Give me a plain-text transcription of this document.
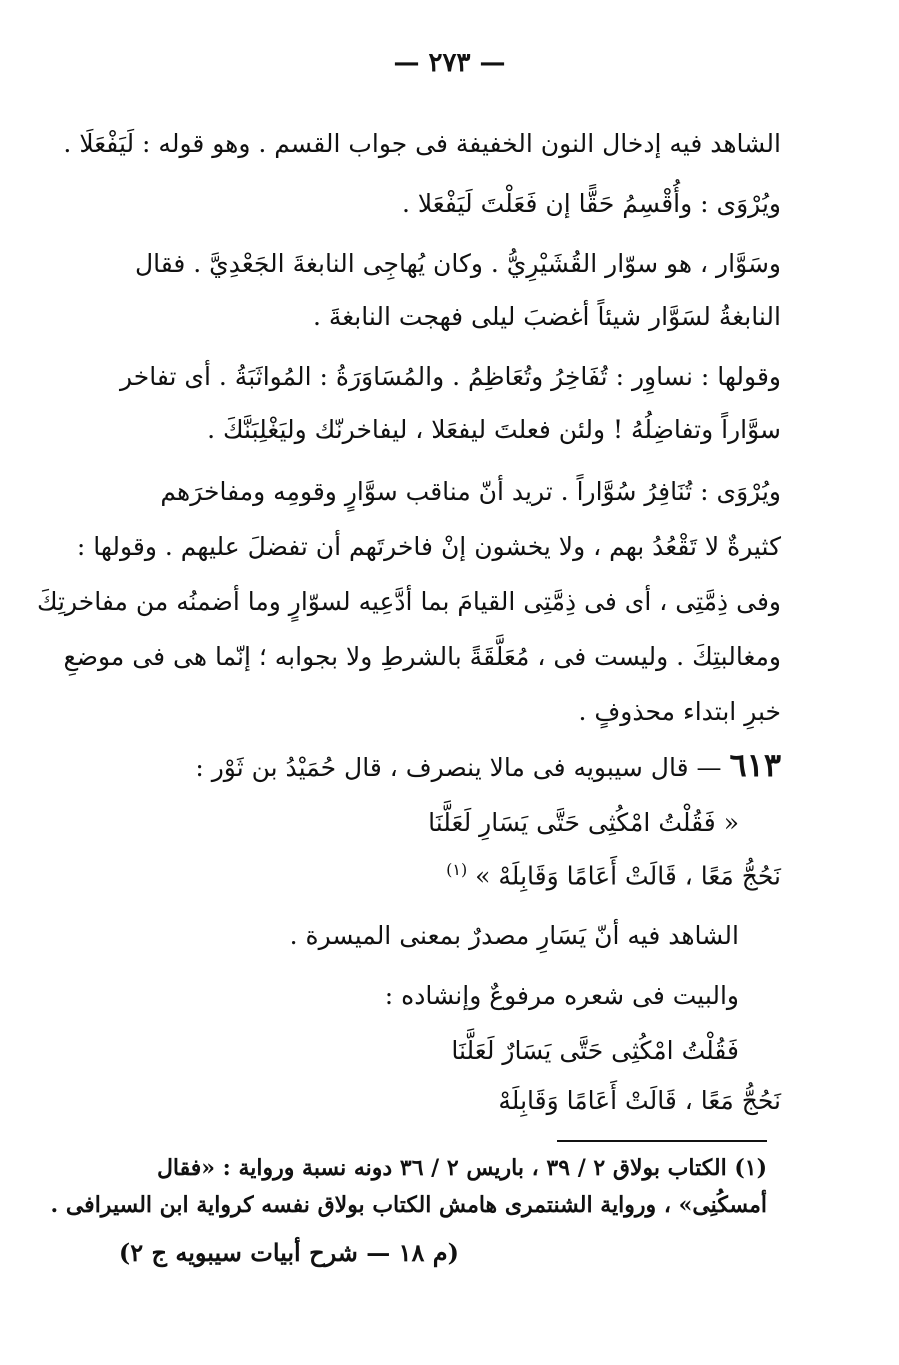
— ٢٧٣ —
الشاهد فيه إدخال النون الخفيفة فى جواب القسم . وهو قوله : لَيَفْعَلَا .
ويُرْوَى : وأُقْسِمُ حَقًّا إن فَعَلْتَ لَيَفْعَلا .
وسَوَّار ، هو سوّار القُشَيْرِيُّ . وكان يُهاجِى النابغةَ الجَعْدِيَّ . فقال
النابغةُ لسَوَّار شيئاً أغضبَ ليلى فهجت النابغةَ .
وقولها : نساوِر : تُفَاخِرُ وتُعَاظِمُ . والمُسَاوَرَةُ : المُواثَبَةُ . أى تفاخر
سوَّاراً وتفاضِلُهُ ! ولئن فعلتَ ليفعَلا ، ليفاخرنّك وليَغْلِبَنَّكَ .
ويُرْوَى : تُنَافِرُ سُوَّاراً . تريد أنّ مناقب سوَّارٍ وقومِه ومفاخرَهم
كثيرةٌ لا تَقْعُدُ بهم ، ولا يخشون إنْ فاخرتَهم أن تفضلَ عليهم . وقولها :
وفى ذِمَّتِى ، أى فى ذِمَّتِى القيامَ بما أدَّعِيه لسوّارٍ وما أضمنُه من مفاخرتِكَ
ومغالبتِكَ . وليست فى ، مُعَلَّقَةً بالشرطِ ولا بجوابه ؛ إنّما هى فى موضعِ
خبرِ ابتداء محذوفٍ .
٦١٣ — قال سيبويه فى مالا ينصرف ، قال حُمَيْدُ بن ثَوْر :
« فَقُلْتُ امْكُثِى حَتَّى يَسَارِ لَعَلَّنَا
نَحُجُّ مَعًا ، قَالَتْ أَعَامًا وَقَابِلَهْ » $^{(١)}$
الشاهد فيه أنّ يَسَارِ مصدرٌ بمعنى الميسرة .
والبيت فى شعره مرفوعٌ وإنشاده :
فَقُلْتُ امْكُثِى حَتَّى يَسَارٌ لَعَلَّنَا
نَحُجُّ مَعًا ، قَالَتْ أَعَامًا وَقَابِلَهْ
(١) الكتاب بولاق ٢ / ٣٩ ، باريس ٢ / ٣٦ دونه نسبة ورواية : «فقال
أمسكُنِى» ، ورواية الشنتمرى هامش الكتاب بولاق نفسه كرواية ابن السيرافى .
(م ١٨ — شرح أبيات سيبويه ج ٢)
